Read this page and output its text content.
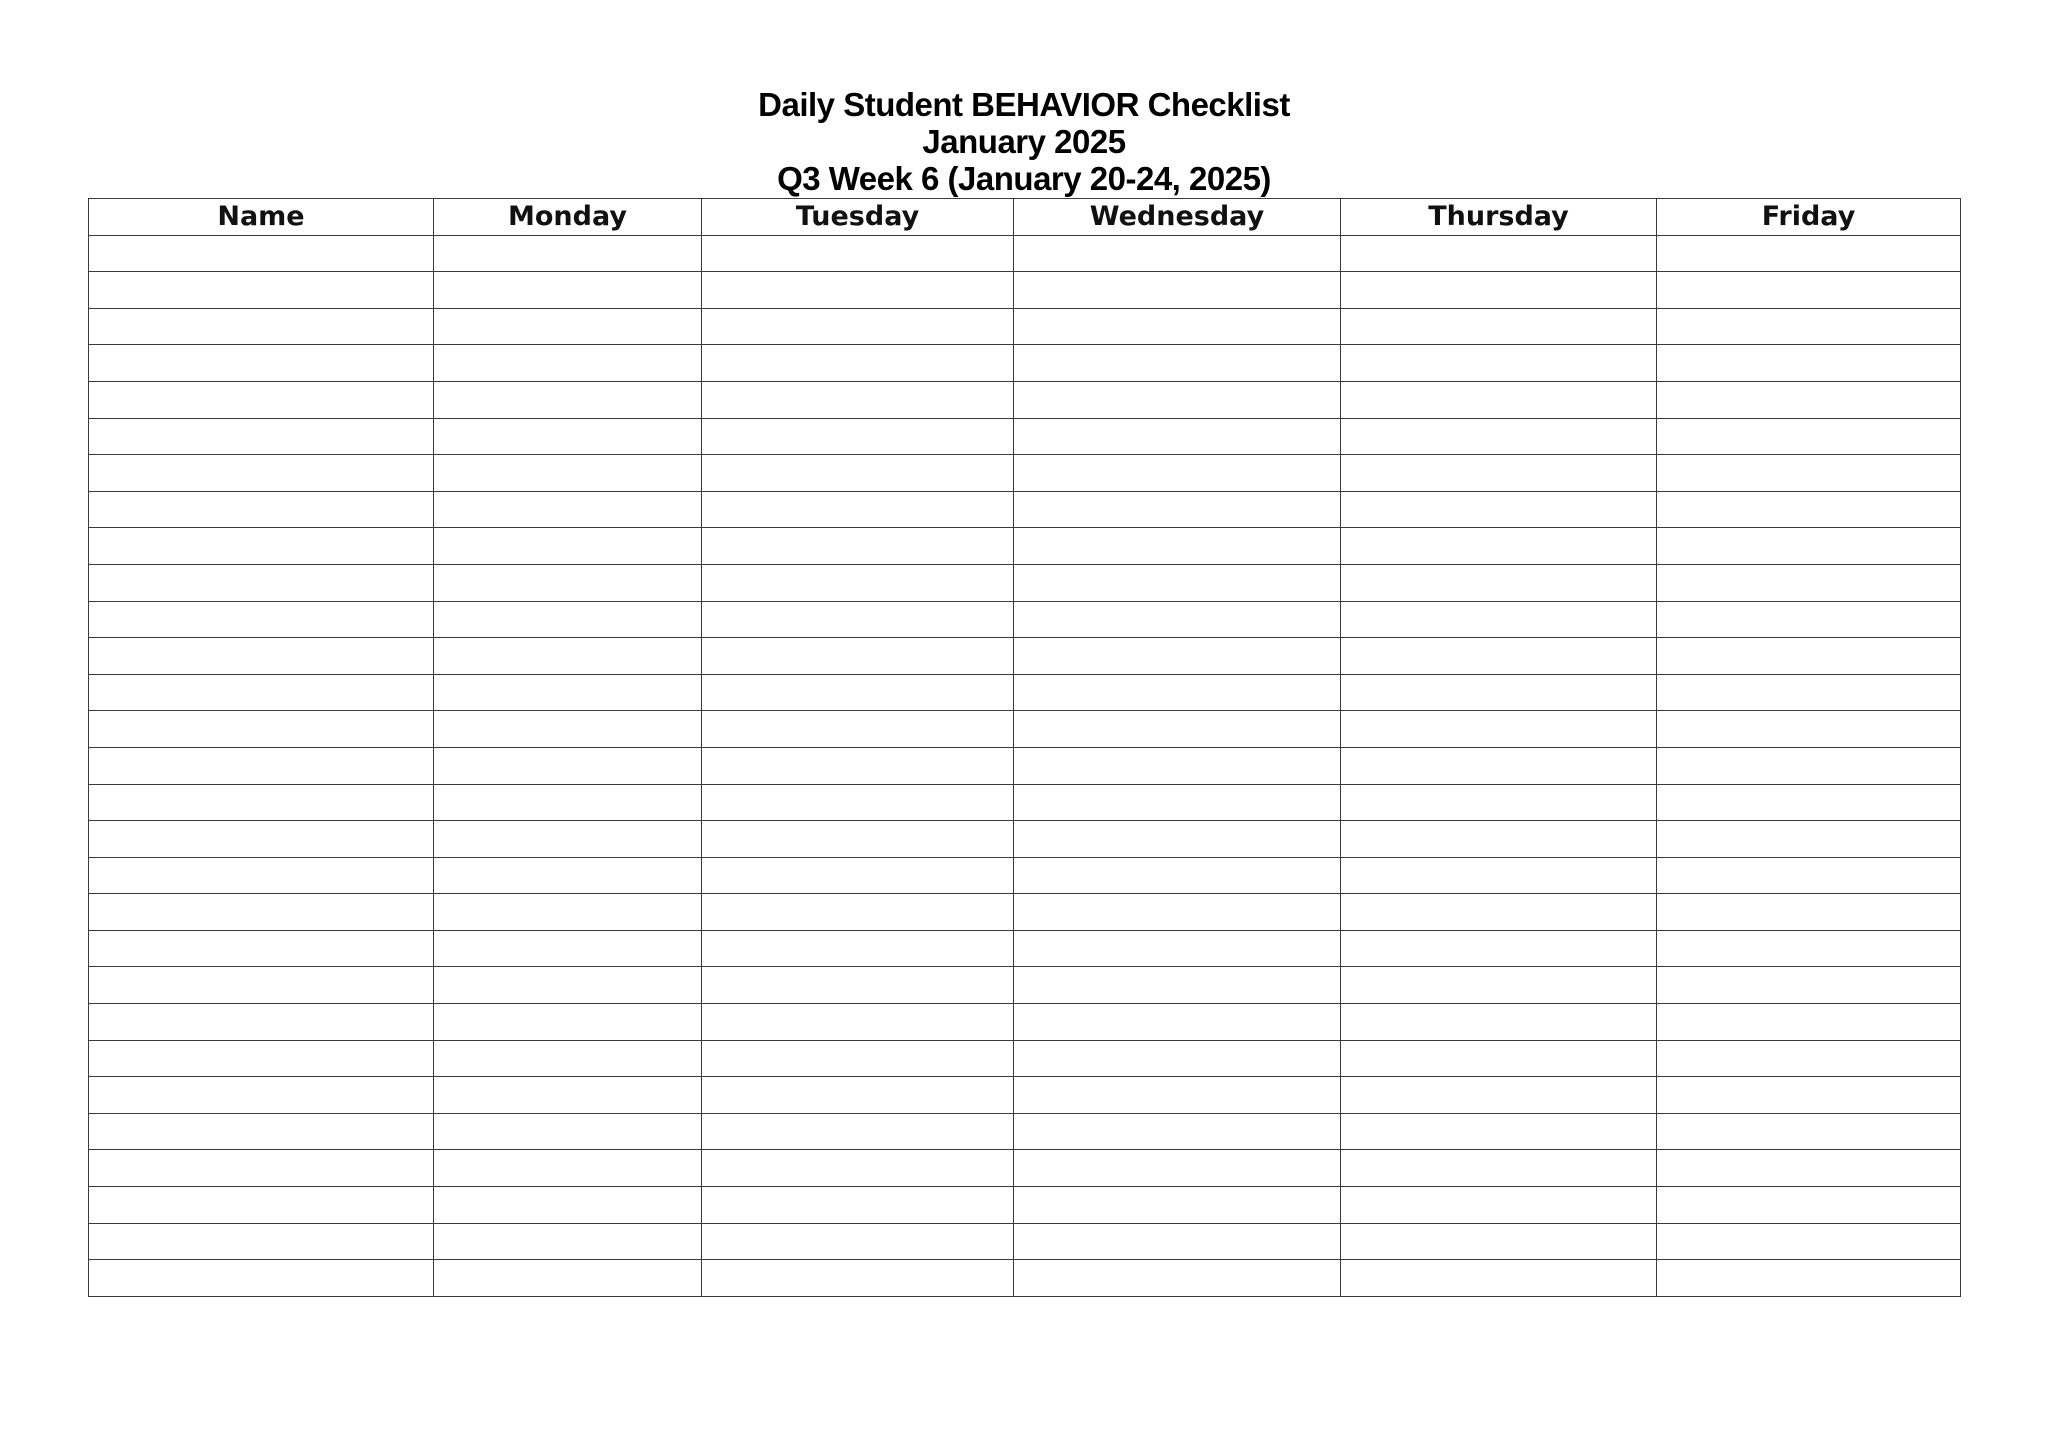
Daily Student BEHAVIOR Checklist
January 2025
Q3 Week 6 (January 20-24, 2025)
Name	Monday	Tuesday	Wednesday	Thursday	Friday
